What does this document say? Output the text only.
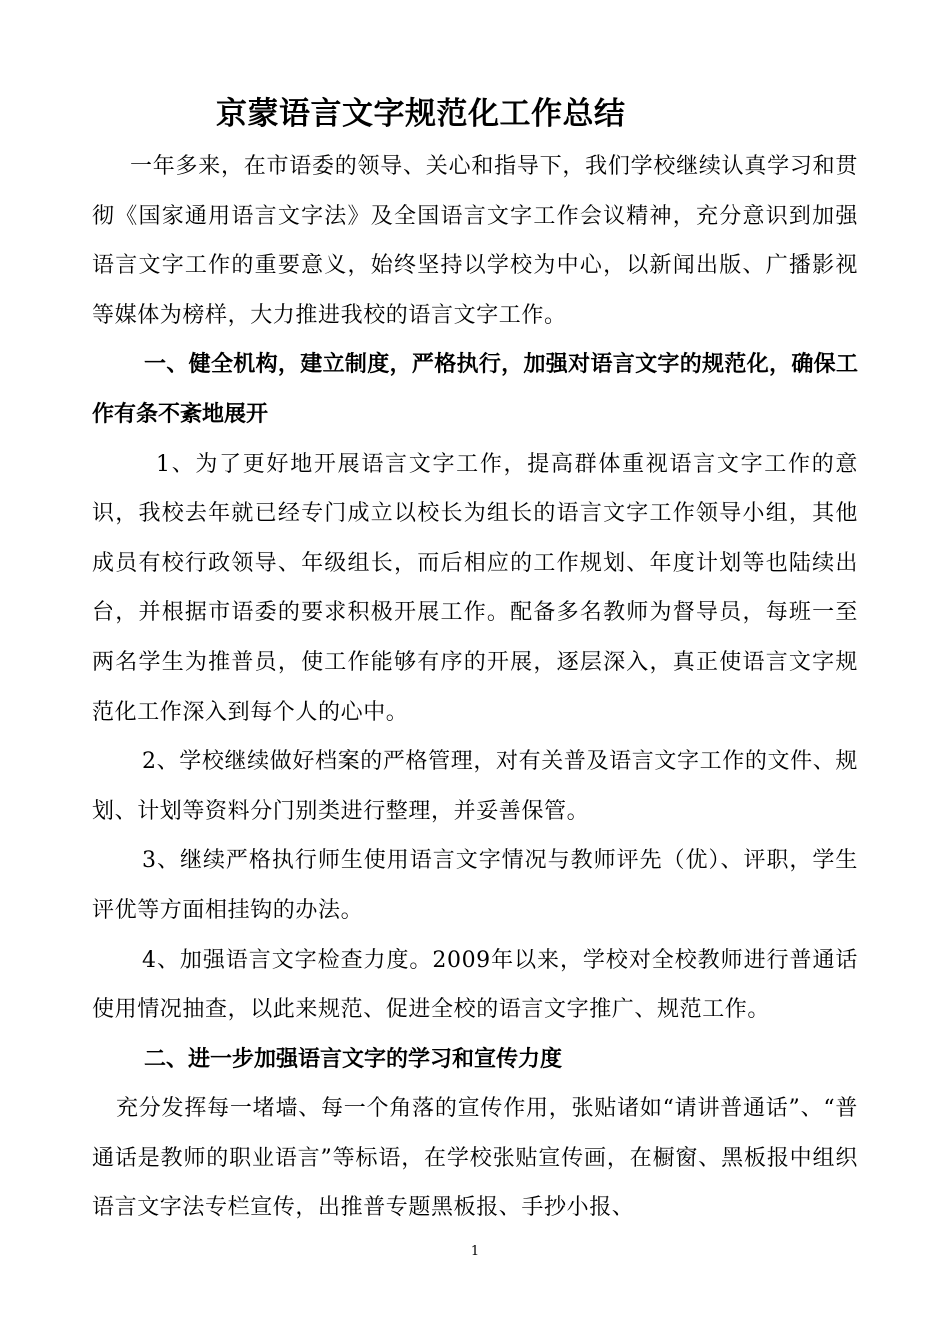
京蒙语言文字规范化工作总结

一年多来，在市语委的领导、关心和指导下，我们学校继续认真学习和贯彻《国家通用语言文字法》及全国语言文字工作会议精神，充分意识到加强语言文字工作的重要意义，始终坚持以学校为中心，以新闻出版、广播影视等媒体为榜样，大力推进我校的语言文字工作。

一、健全机构，建立制度，严格执行，加强对语言文字的规范化，确保工作有条不紊地展开

1、为了更好地开展语言文字工作，提高群体重视语言文字工作的意识，我校去年就已经专门成立以校长为组长的语言文字工作领导小组，其他成员有校行政领导、年级组长，而后相应的工作规划、年度计划等也陆续出台，并根据市语委的要求积极开展工作。配备多名教师为督导员，每班一至两名学生为推普员，使工作能够有序的开展，逐层深入，真正使语言文字规范化工作深入到每个人的心中。

2、学校继续做好档案的严格管理，对有关普及语言文字工作的文件、规划、计划等资料分门别类进行整理，并妥善保管。

3、继续严格执行师生使用语言文字情况与教师评先（优）、评职，学生评优等方面相挂钩的办法。

4、加强语言文字检查力度。2009年以来，学校对全校教师进行普通话使用情况抽查，以此来规范、促进全校的语言文字推广、规范工作。

二、进一步加强语言文字的学习和宣传力度

充分发挥每一堵墙、每一个角落的宣传作用，张贴诸如“请讲普通话”、“普通话是教师的职业语言”等标语，在学校张贴宣传画，在橱窗、黑板报中组织语言文字法专栏宣传，出推普专题黑板报、手抄小报、

1
